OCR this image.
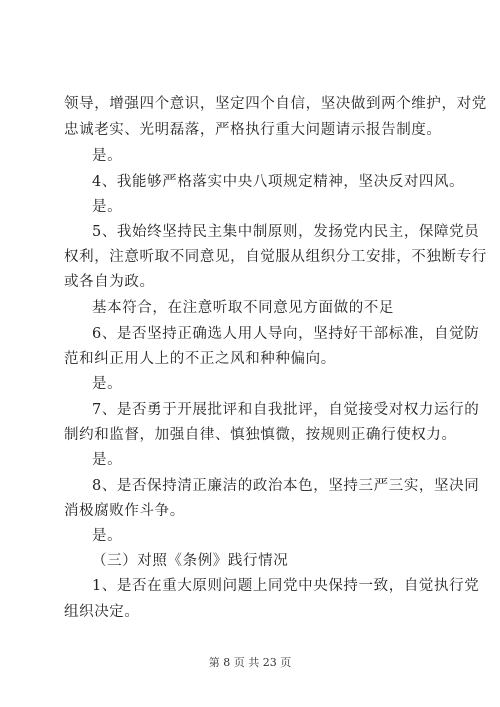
领导，增强四个意识，坚定四个自信，坚决做到两个维护，对党
忠诚老实、光明磊落，严格执行重大问题请示报告制度。
是。
4、我能够严格落实中央八项规定精神，坚决反对四风。
是。
5、我始终坚持民主集中制原则，发扬党内民主，保障党员
权利，注意听取不同意见，自觉服从组织分工安排，不独断专行
或各自为政。
基本符合，在注意听取不同意见方面做的不足
6、是否坚持正确选人用人导向，坚持好干部标准，自觉防
范和纠正用人上的不正之风和种种偏向。
是。
7、是否勇于开展批评和自我批评，自觉接受对权力运行的
制约和监督，加强自律、慎独慎微，按规则正确行使权力。
是。
8、是否保持清正廉洁的政治本色，坚持三严三实，坚决同
消极腐败作斗争。
是。
（三）对照《条例》践行情况
1、是否在重大原则问题上同党中央保持一致，自觉执行党
组织决定。
第 8 页 共 23 页
